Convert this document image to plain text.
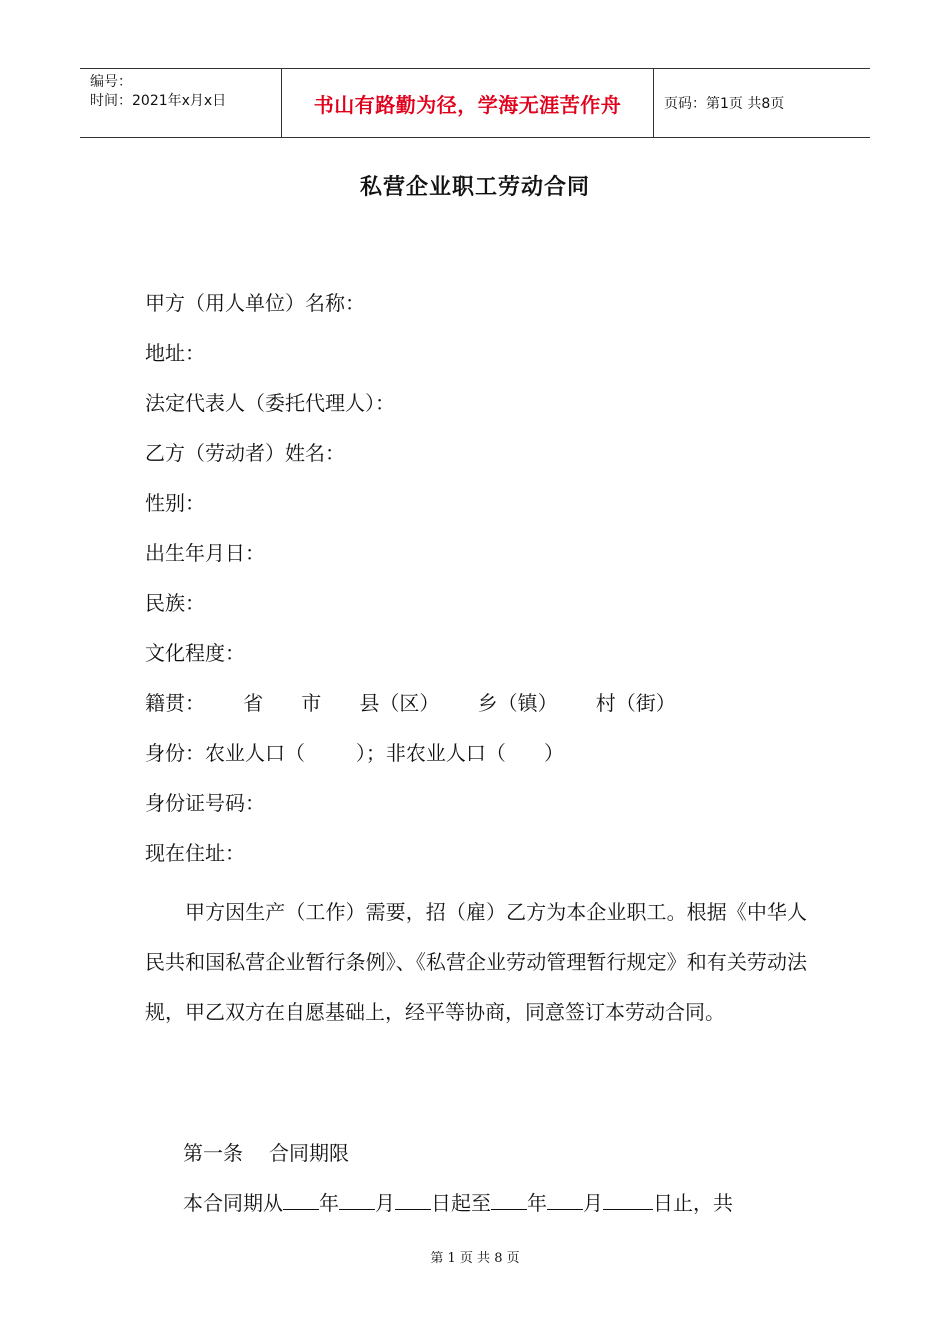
编号：
时间：2021年x月x日	书山有路勤为径，学海无涯苦作舟	页码：第1页 共8页
私营企业职工劳动合同
甲方（用人单位）名称：
地址：
法定代表人（委托代理人）：
乙方（劳动者）姓名：
性别：
出生年月日：
民族：
文化程度：
籍贯：      省      市      县（区）      乡（镇）      村（街）
身份：农业人口（        ）；非农业人口（      ）
身份证号码：
现在住址：
甲方因生产（工作）需要，招（雇）乙方为本企业职工。根据《中华人民共和国私营企业暂行条例》、《私营企业劳动管理暂行规定》和有关劳动法规，甲乙双方在自愿基础上，经平等协商，同意签订本劳动合同。
第一条 合同期限
本合同期从 年 月 日起至 年 月	日止，共
第 1 页 共 8 页
